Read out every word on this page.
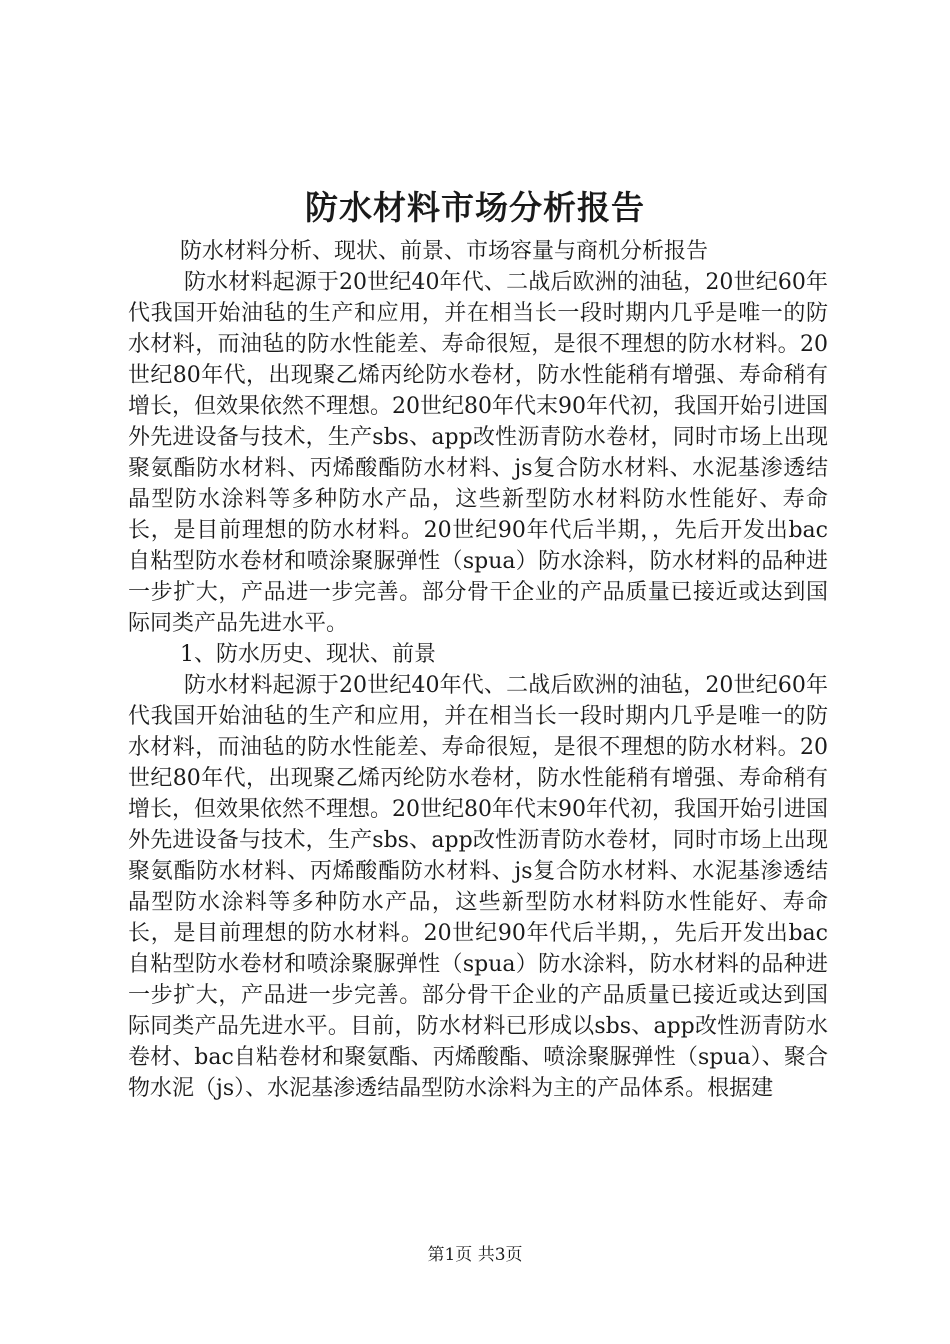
防水材料市场分析报告

防水材料分析、现状、前景、市场容量与商机分析报告

防水材料起源于20世纪40年代、二战后欧洲的油毡，20世纪60年代我国开始油毡的生产和应用，并在相当长一段时期内几乎是唯一的防水材料，而油毡的防水性能差、寿命很短，是很不理想的防水材料。20世纪80年代，出现聚乙烯丙纶防水卷材，防水性能稍有增强、寿命稍有增长，但效果依然不理想。20世纪80年代末90年代初，我国开始引进国外先进设备与技术，生产sbs、app改性沥青防水卷材，同时市场上出现聚氨酯防水材料、丙烯酸酯防水材料、js复合防水材料、水泥基渗透结晶型防水涂料等多种防水产品，这些新型防水材料防水性能好、寿命长，是目前理想的防水材料。20世纪90年代后半期，，先后开发出bac自粘型防水卷材和喷涂聚脲弹性（spua）防水涂料，防水材料的品种进一步扩大，产品进一步完善。部分骨干企业的产品质量已接近或达到国际同类产品先进水平。

1、防水历史、现状、前景

防水材料起源于20世纪40年代、二战后欧洲的油毡，20世纪60年代我国开始油毡的生产和应用，并在相当长一段时期内几乎是唯一的防水材料，而油毡的防水性能差、寿命很短，是很不理想的防水材料。20世纪80年代，出现聚乙烯丙纶防水卷材，防水性能稍有增强、寿命稍有增长，但效果依然不理想。20世纪80年代末90年代初，我国开始引进国外先进设备与技术，生产sbs、app改性沥青防水卷材，同时市场上出现聚氨酯防水材料、丙烯酸酯防水材料、js复合防水材料、水泥基渗透结晶型防水涂料等多种防水产品，这些新型防水材料防水性能好、寿命长，是目前理想的防水材料。20世纪90年代后半期，，先后开发出bac自粘型防水卷材和喷涂聚脲弹性（spua）防水涂料，防水材料的品种进一步扩大，产品进一步完善。部分骨干企业的产品质量已接近或达到国际同类产品先进水平。目前，防水材料已形成以sbs、app改性沥青防水卷材、bac自粘卷材和聚氨酯、丙烯酸酯、喷涂聚脲弹性（spua）、聚合物水泥（js）、水泥基渗透结晶型防水涂料为主的产品体系。根据建

第1页 共3页
